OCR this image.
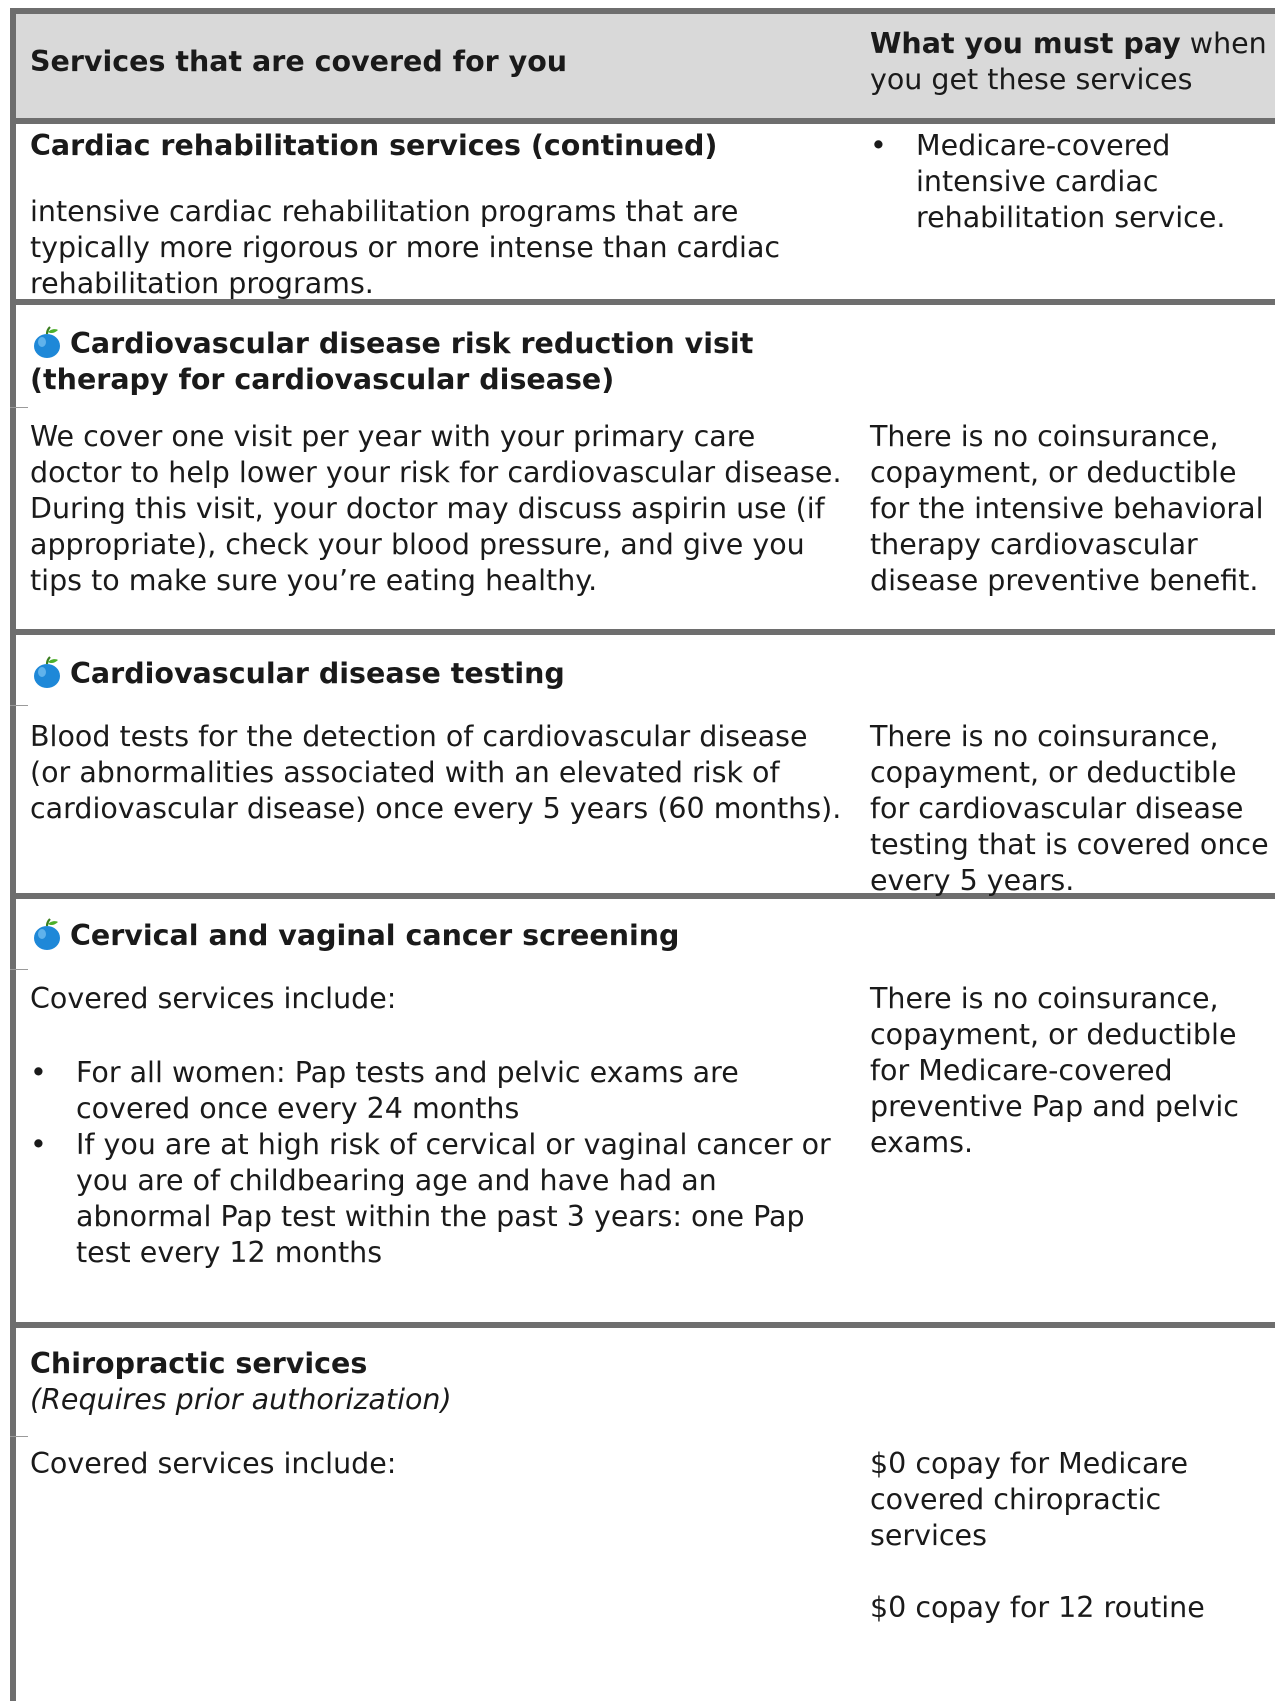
Services that are covered for you

What you must pay when you get these services

Cardiac rehabilitation services (continued)

intensive cardiac rehabilitation programs that are typically more rigorous or more intense than cardiac rehabilitation programs.

• Medicare-covered intensive cardiac rehabilitation service.

Cardiovascular disease risk reduction visit (therapy for cardiovascular disease)

We cover one visit per year with your primary care doctor to help lower your risk for cardiovascular disease. During this visit, your doctor may discuss aspirin use (if appropriate), check your blood pressure, and give you tips to make sure you’re eating healthy.

There is no coinsurance, copayment, or deductible for the intensive behavioral therapy cardiovascular disease preventive benefit.

Cardiovascular disease testing

Blood tests for the detection of cardiovascular disease (or abnormalities associated with an elevated risk of cardiovascular disease) once every 5 years (60 months).

There is no coinsurance, copayment, or deductible for cardiovascular disease testing that is covered once every 5 years.

Cervical and vaginal cancer screening

Covered services include:

• For all women: Pap tests and pelvic exams are covered once every 24 months
• If you are at high risk of cervical or vaginal cancer or you are of childbearing age and have had an abnormal Pap test within the past 3 years: one Pap test every 12 months

There is no coinsurance, copayment, or deductible for Medicare-covered preventive Pap and pelvic exams.

Chiropractic services

(Requires prior authorization)

Covered services include:	$0 copay for Medicare covered chiropractic services

$0 copay for 12 routine
